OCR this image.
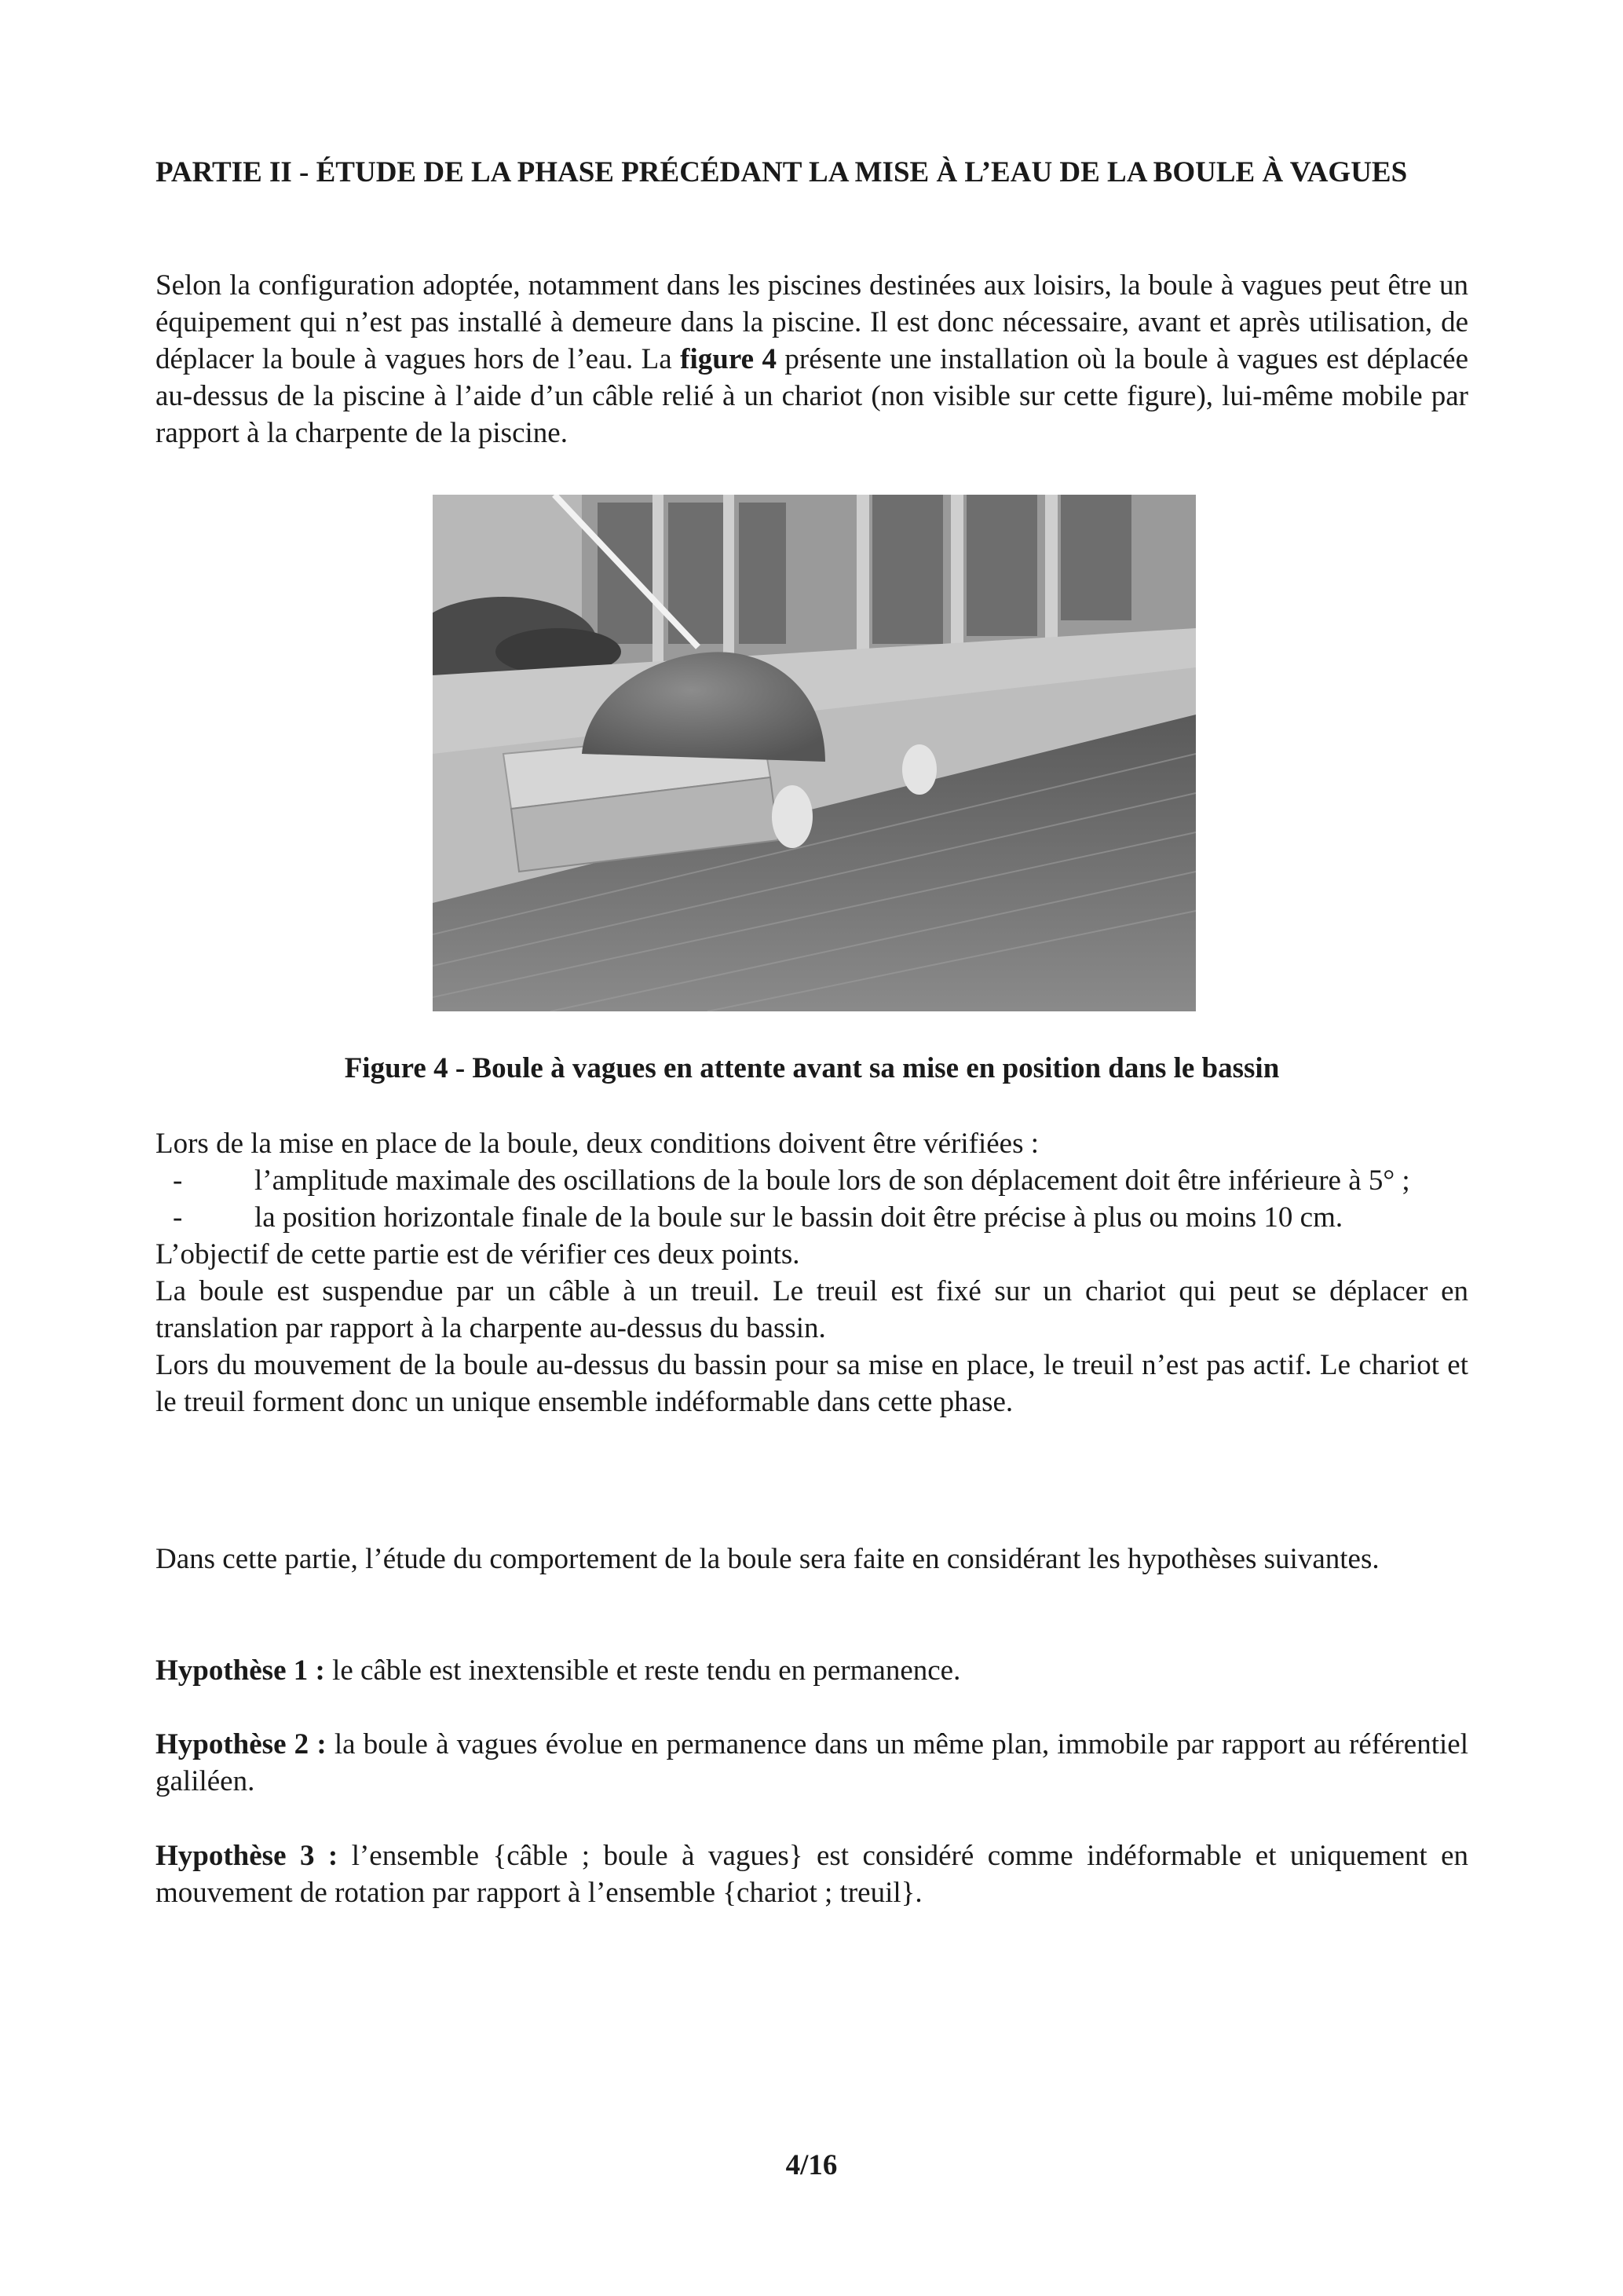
PARTIE II - ÉTUDE DE LA PHASE PRÉCÉDANT LA MISE À L’EAU DE LA BOULE À VAGUES

Selon la configuration adoptée, notamment dans les piscines destinées aux loisirs, la boule à vagues peut être un équipement qui n’est pas installé à demeure dans la piscine. Il est donc nécessaire, avant et après utilisation, de déplacer la boule à vagues hors de l’eau. La figure 4 présente une installation où la boule à vagues est déplacée au-dessus de la piscine à l’aide d’un câble relié à un chariot (non visible sur cette figure), lui-même mobile par rapport à la charpente de la piscine.

Figure 4 - Boule à vagues en attente avant sa mise en position dans le bassin

Lors de la mise en place de la boule, deux conditions doivent être vérifiées :

- l’amplitude maximale des oscillations de la boule lors de son déplacement doit être inférieure à 5° ;
- la position horizontale finale de la boule sur le bassin doit être précise à plus ou moins 10 cm.

L’objectif de cette partie est de vérifier ces deux points.

La boule est suspendue par un câble à un treuil. Le treuil est fixé sur un chariot qui peut se déplacer en translation par rapport à la charpente au-dessus du bassin.

Lors du mouvement de la boule au-dessus du bassin pour sa mise en place, le treuil n’est pas actif. Le chariot et le treuil forment donc un unique ensemble indéformable dans cette phase.

Dans cette partie, l’étude du comportement de la boule sera faite en considérant les hypothèses suivantes.

Hypothèse 1 : le câble est inextensible et reste tendu en permanence.

Hypothèse 2 : la boule à vagues évolue en permanence dans un même plan, immobile par rapport au référentiel galiléen.

Hypothèse 3 : l’ensemble {câble ; boule à vagues} est considéré comme indéformable et uniquement en mouvement de rotation par rapport à l’ensemble {chariot ; treuil}.

4/16
